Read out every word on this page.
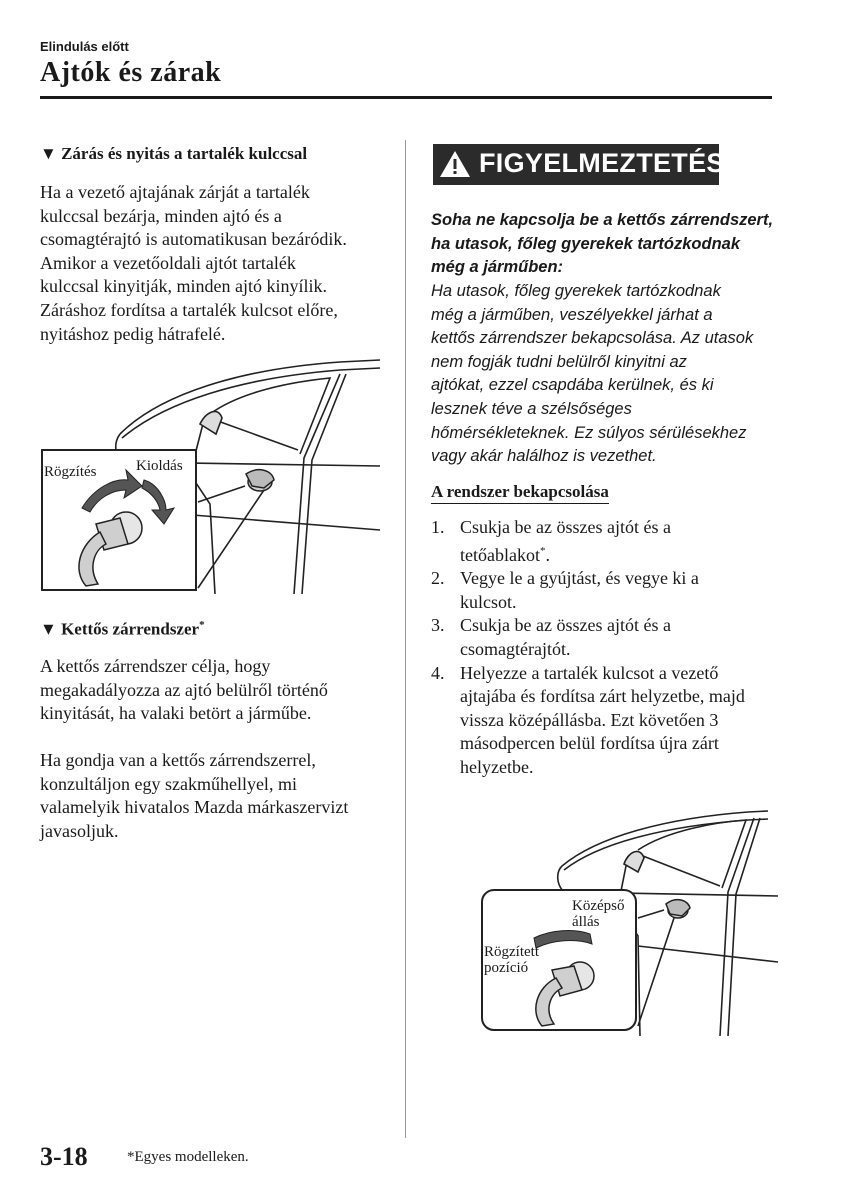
Elindulás előtt
Ajtók és zárak
▼ Zárás és nyitás a tartalék kulccsal
Ha a vezető ajtajának zárját a tartalék
kulccsal bezárja, minden ajtó és a
csomagtérajtó is automatikusan bezáródik.
Amikor a vezetőoldali ajtót tartalék
kulccsal kinyitják, minden ajtó kinyílik.
Záráshoz fordítsa a tartalék kulcsot előre,
nyitáshoz pedig hátrafelé.
Rögzítés	Kioldás
▼ Kettős zárrendszer*
A kettős zárrendszer célja, hogy
megakadályozza az ajtó belülről történő
kinyitását, ha valaki betört a járműbe.
Ha gondja van a kettős zárrendszerrel,
konzultáljon egy szakműhellyel, mi
valamelyik hivatalos Mazda márkaszervizt
javasoljuk.
FIGYELMEZTETÉS
Soha ne kapcsolja be a kettős zárrendszert,
ha utasok, főleg gyerekek tartózkodnak
még a járműben:
Ha utasok, főleg gyerekek tartózkodnak
még a járműben, veszélyekkel járhat a
kettős zárrendszer bekapcsolása. Az utasok
nem fogják tudni belülről kinyitni az
ajtókat, ezzel csapdába kerülnek, és ki
lesznek téve a szélsőséges
hőmérsékleteknek. Ez súlyos sérülésekhez
vagy akár halálhoz is vezethet.
A rendszer bekapcsolása
1. Csukja be az összes ajtót és a
tetőablakot*.
2. Vegye le a gyújtást, és vegye ki a
kulcsot.
3. Csukja be az összes ajtót és a
csomagtérajtót.
4. Helyezze a tartalék kulcsot a vezető
ajtajába és fordítsa zárt helyzetbe, majd
vissza középállásba. Ezt követően 3
másodpercen belül fordítsa újra zárt
helyzetbe.
Középső
állás
Rögzített
pozíció
3-18	*Egyes modelleken.
